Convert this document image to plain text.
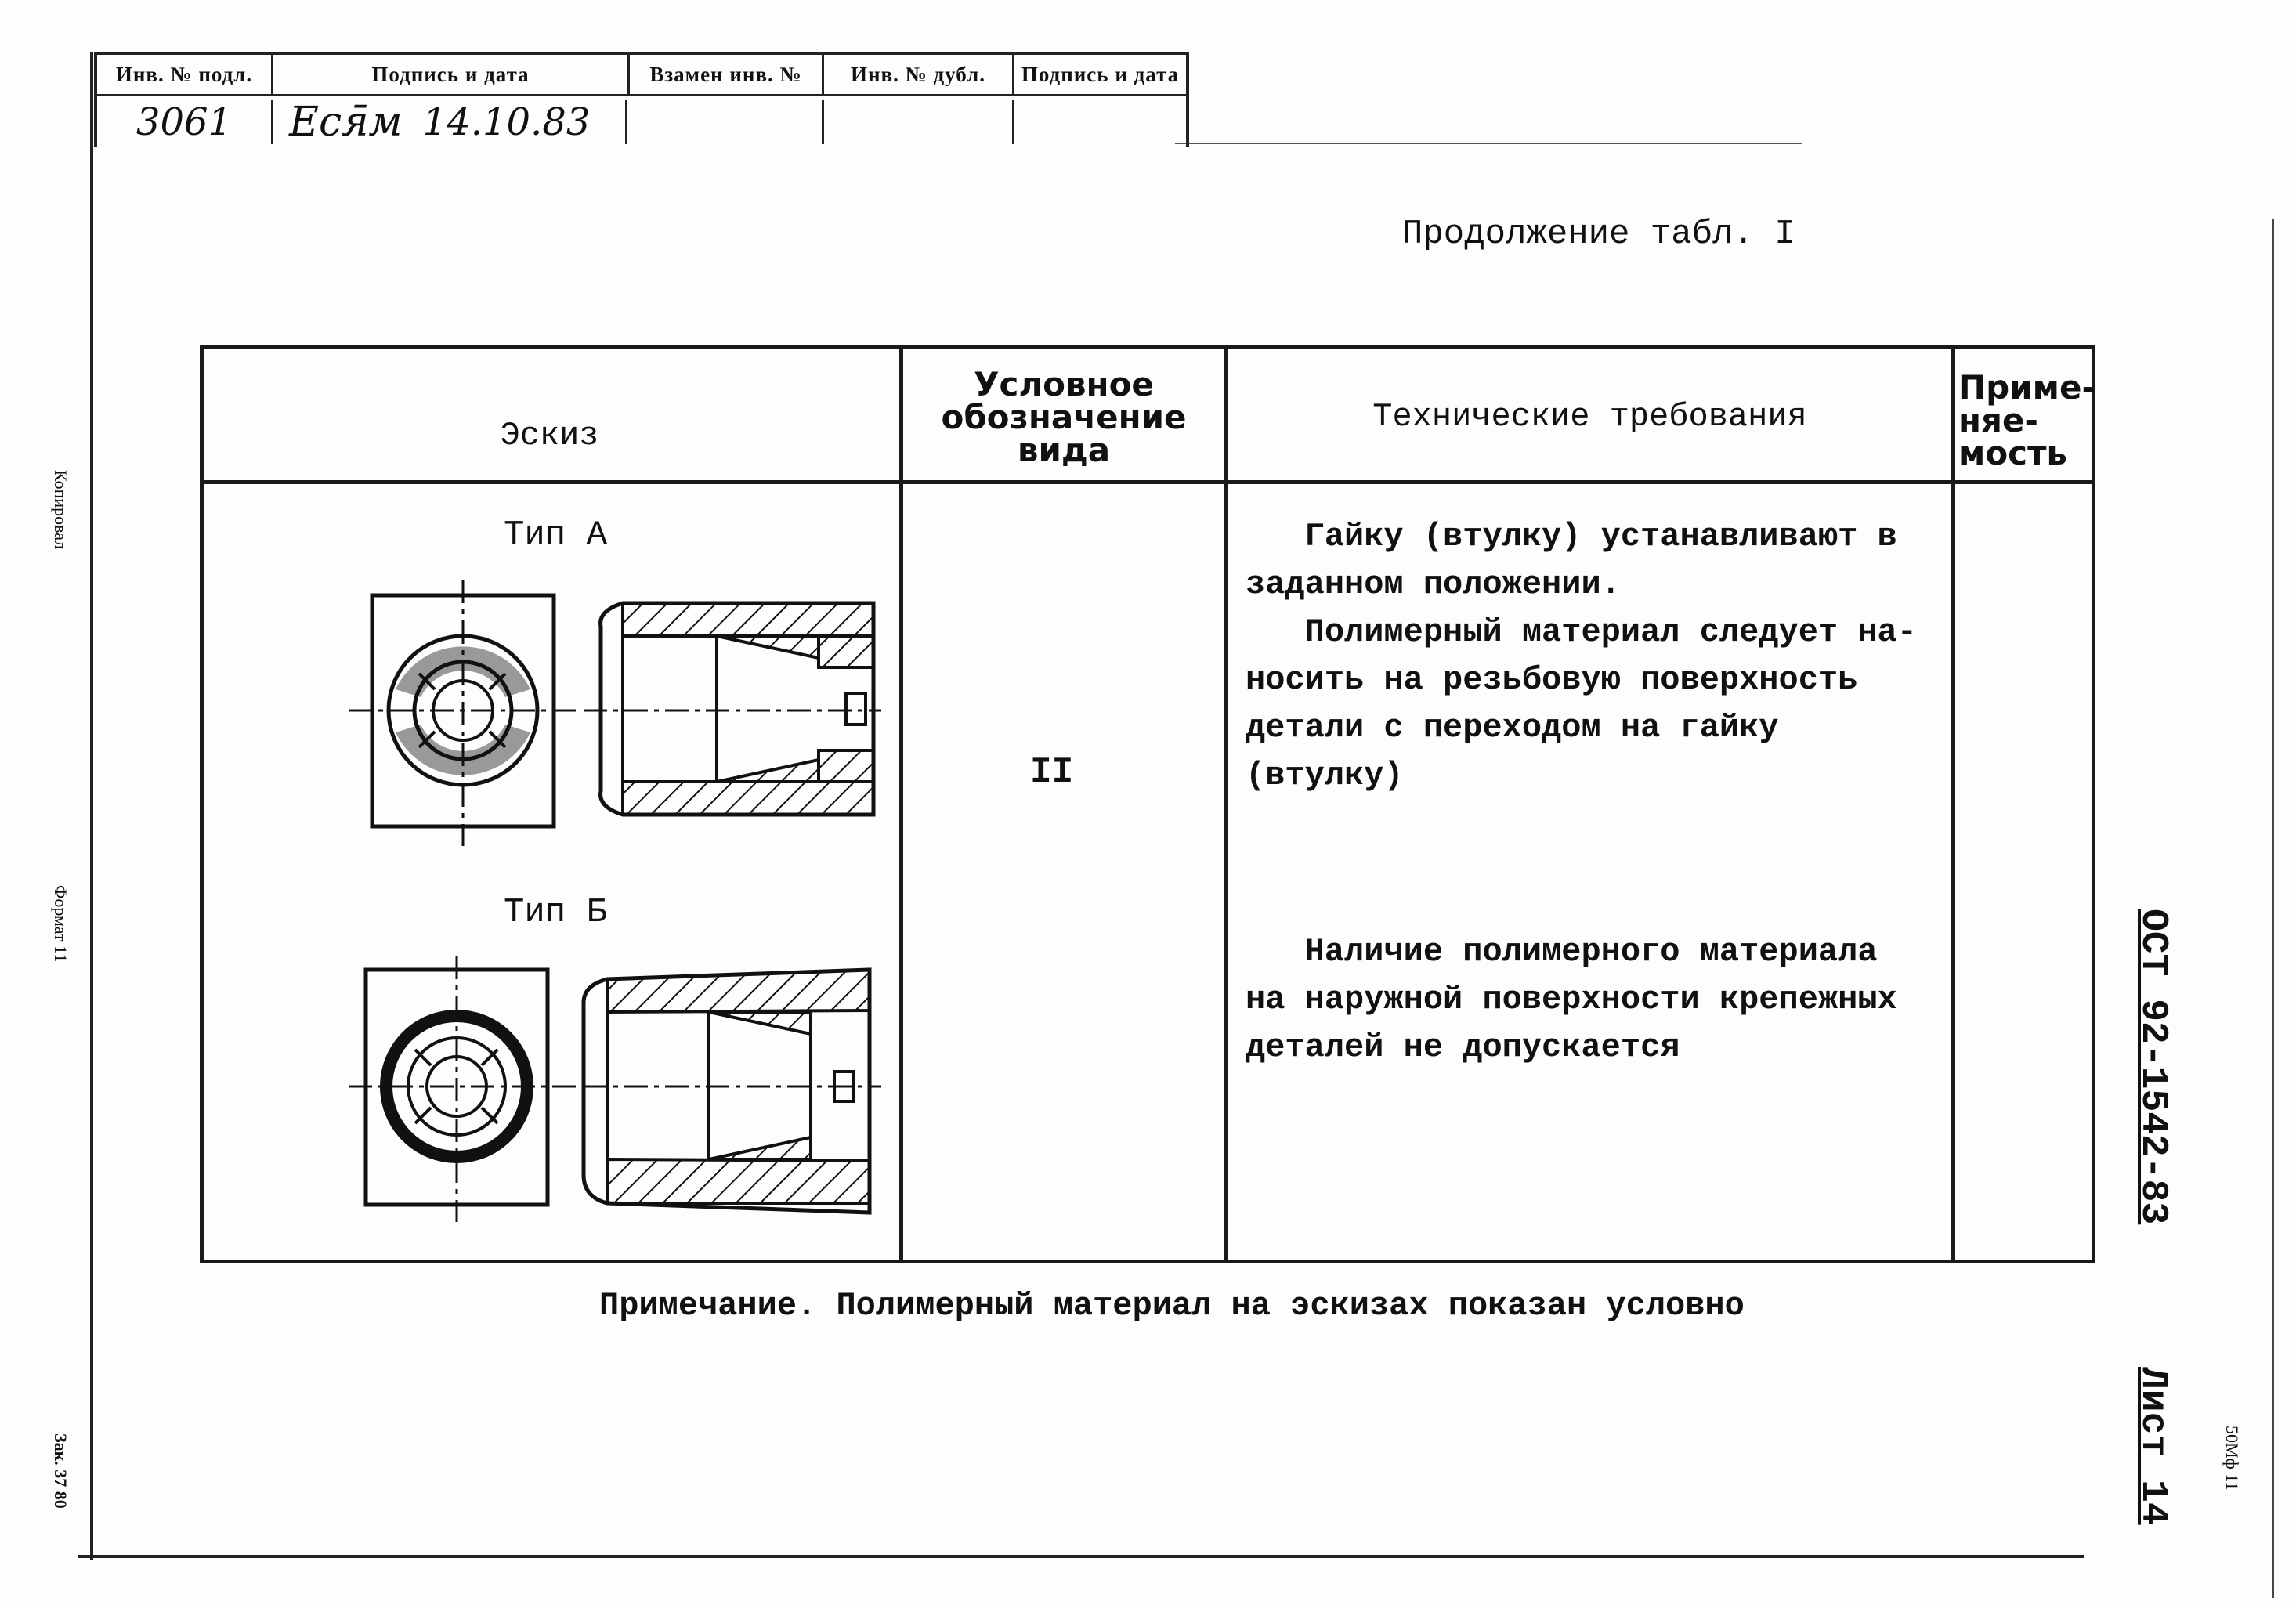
Инв. № подл.	Подпись и дата	Взамен инв. №	Инв. № дубл.	Подпись и дата
3061	Еся̄м 14.10.83
Продолжение табл. I
Эскиз
Условное
обозначение
вида
Технические требования
Приме-
няе-
мость
Тип А
Тип Б
II
Гайку (втулку) устанавливают в
заданном положении.
Полимерный материал следует на-
носить на резьбовую поверхность
детали с переходом на гайку
(втулку)
Наличие полимерного материала
на наружной поверхности крепежных
деталей не допускается
Примечание. Полимерный материал на эскизах показан условно
ОСТ 92-1542-83
Лист 14	50Мф 11
Копировал
Формат 11
Зак. 37 80
